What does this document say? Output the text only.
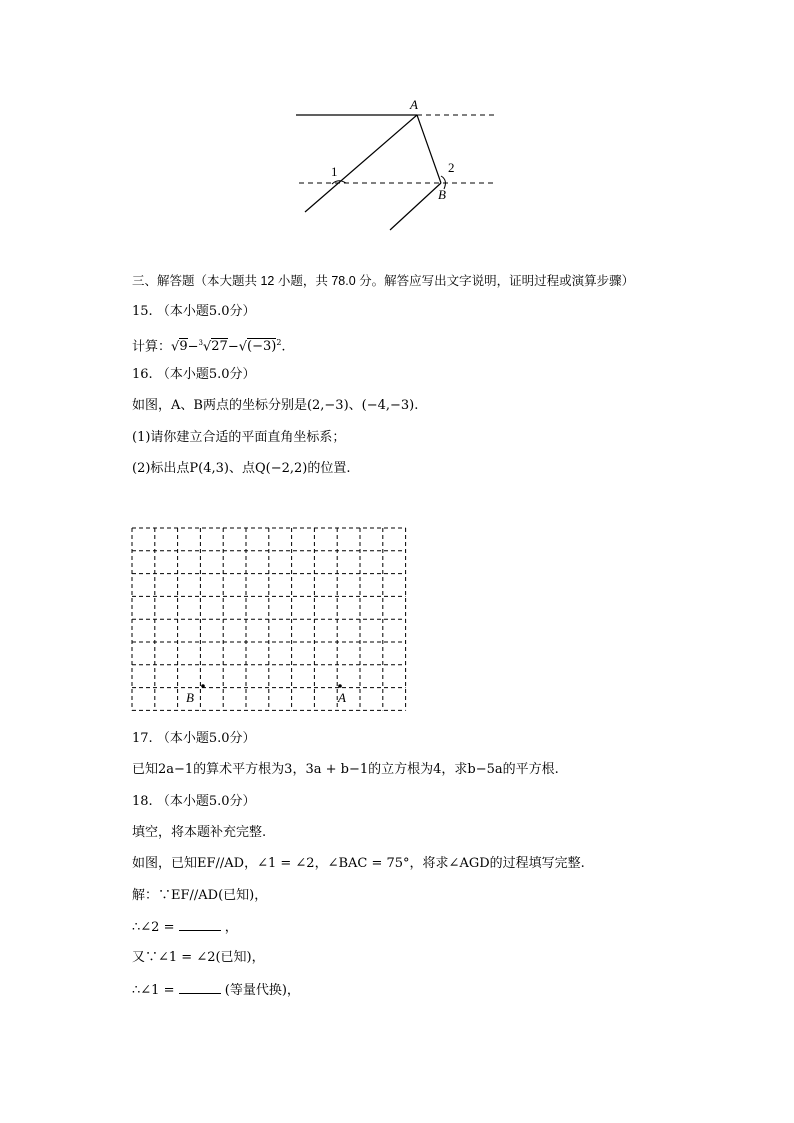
A
B
1	2
三、解答题（本大题共 12 小题，共 78.0 分。解答应写出文字说明，证明过程或演算步骤）
15. （本小题5.0分）
计算：$√9-^3√27-√(-3)^2$.
16. （本小题5.0分）
如图，A、B两点的坐标分别是(2,−3)、(−4,−3).
(1)请你建立合适的平面直角坐标系；
(2)标出点P(4,3)、点Q(−2,2)的位置.
B	A
17. （本小题5.0分）
已知2a−1的算术平方根为3，3a + b−1的立方根为4，求b−5a的平方根.
18. （本小题5.0分）
填空，将本题补充完整.
如图，已知EF//AD，∠1 = ∠2，∠BAC = 75°，将求∠AGD的过程填写完整.
解：∵EF//AD(已知)，
∴∠2 =	，
又∵∠1 = ∠2(已知)，
∴∠1 =	(等量代换)，
